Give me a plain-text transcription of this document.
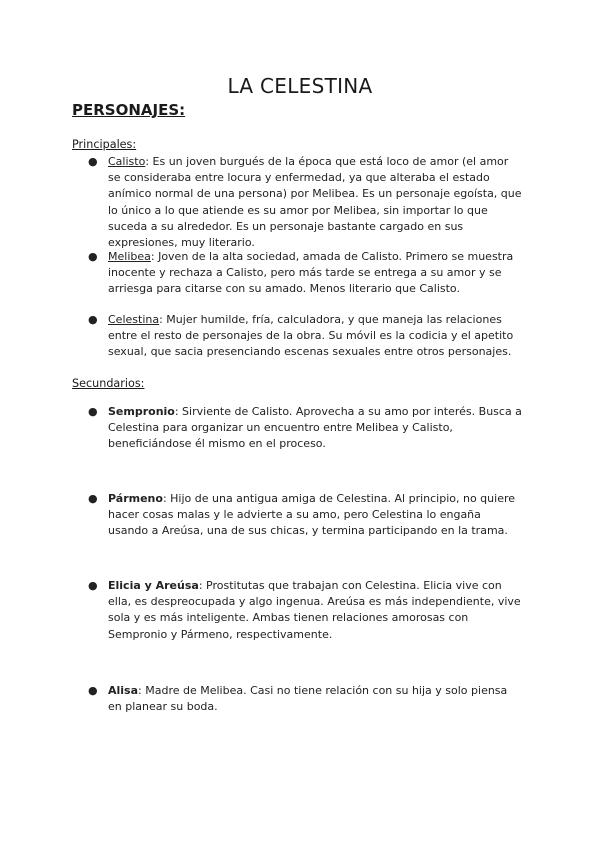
LA CELESTINA
PERSONAJES:
Principales:
● Calisto: Es un joven burgués de la época que está loco de amor (el amor se consideraba entre locura y enfermedad, ya que alteraba el estado anímico normal de una persona) por Melibea. Es un personaje egoísta, que lo único a lo que atiende es su amor por Melibea, sin importar lo que suceda a su alrededor. Es un personaje bastante cargado en sus expresiones, muy literario.
● Melibea: Joven de la alta sociedad, amada de Calisto. Primero se muestra inocente y rechaza a Calisto, pero más tarde se entrega a su amor y se arriesga para citarse con su amado. Menos literario que Calisto.
● Celestina: Mujer humilde, fría, calculadora, y que maneja las relaciones entre el resto de personajes de la obra. Su móvil es la codicia y el apetito sexual, que sacia presenciando escenas sexuales entre otros personajes.
Secundarios:
● Sempronio: Sirviente de Calisto. Aprovecha a su amo por interés. Busca a Celestina para organizar un encuentro entre Melibea y Calisto, beneficiándose él mismo en el proceso.
● Pármeno: Hijo de una antigua amiga de Celestina. Al principio, no quiere hacer cosas malas y le advierte a su amo, pero Celestina lo engaña usando a Areúsa, una de sus chicas, y termina participando en la trama.
● Elicia y Areúsa: Prostitutas que trabajan con Celestina. Elicia vive con ella, es despreocupada y algo ingenua. Areúsa es más independiente, vive sola y es más inteligente. Ambas tienen relaciones amorosas con Sempronio y Pármeno, respectivamente.
● Alisa: Madre de Melibea. Casi no tiene relación con su hija y solo piensa en planear su boda.
